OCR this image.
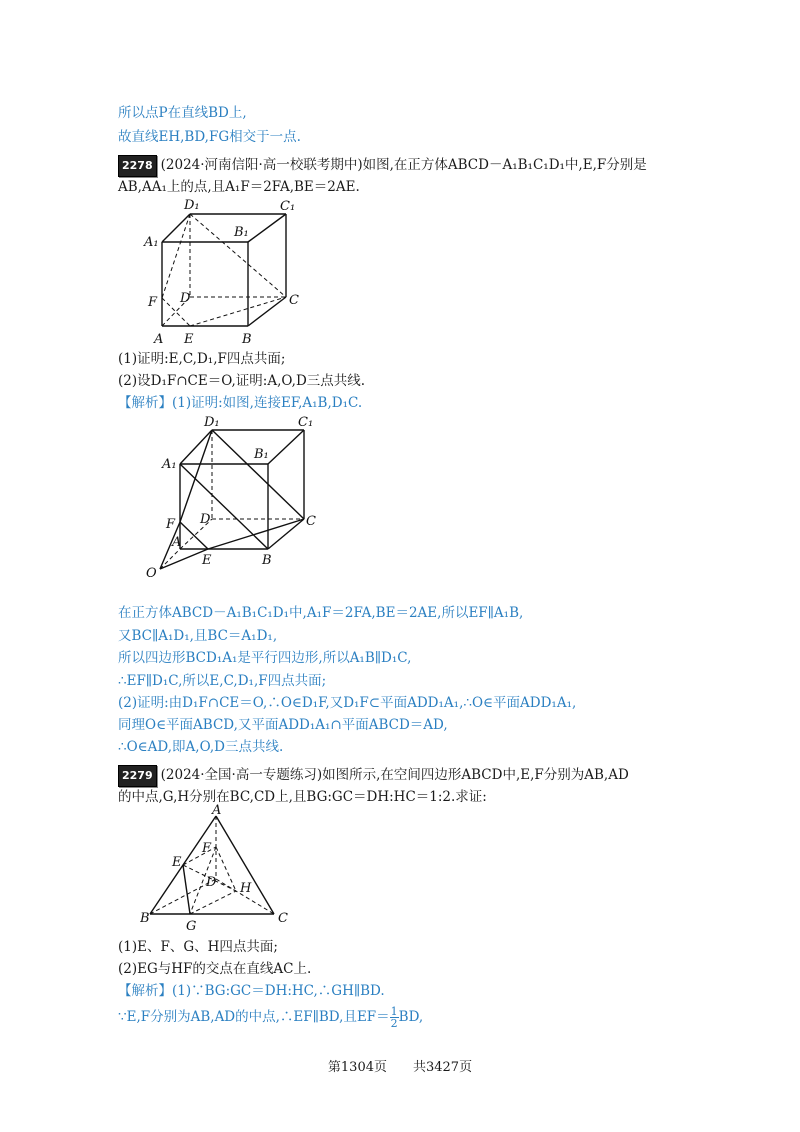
所以点P在直线BD上,
故直线EH,BD,FG相交于一点.
2278 (2024·河南信阳·高一校联考期中)如图,在正方体ABCD－A₁B₁C₁D₁中,E,F分别是
AB,AA₁上的点,且A₁F＝2FA,BE＝2AE.
D₁	C₁
A₁
B₁
D	C
F
A E	B
(1)证明:E,C,D₁,F四点共面;
(2)设D₁F∩CE＝O,证明:A,O,D三点共线.
【解析】(1)证明:如图,连接EF,A₁B,D₁C.
D₁	C₁
A₁
B₁
D	C
F
A
E	B
O
在正方体ABCD－A₁B₁C₁D₁中,A₁F＝2FA,BE＝2AE,所以EF∥A₁B,
又BC∥A₁D₁,且BC＝A₁D₁,
所以四边形BCD₁A₁是平行四边形,所以A₁B∥D₁C,
∴EF∥D₁C,所以E,C,D₁,F四点共面;
(2)证明:由D₁F∩CE＝O,∴O∈D₁F,又D₁F⊂平面ADD₁A₁,∴O∈平面ADD₁A₁,
同理O∈平面ABCD,又平面ADD₁A₁∩平面ABCD＝AD,
∴O∈AD,即A,O,D三点共线.
2279 (2024·全国·高一专题练习)如图所示,在空间四边形ABCD中,E,F分别为AB,AD
的中点,G,H分别在BC,CD上,且BG:GC＝DH:HC＝1:2.求证:
A
E
F
D H
B
G
C
(1)E、F、G、H四点共面;
(2)EG与HF的交点在直线AC上.
【解析】(1)∵BG:GC＝DH:HC,∴GH∥BD.
∵E,F分别为AB,AD的中点,∴EF∥BD,且$EF= \frac{1}{2}$ BD,
第1304页　　共3427页
